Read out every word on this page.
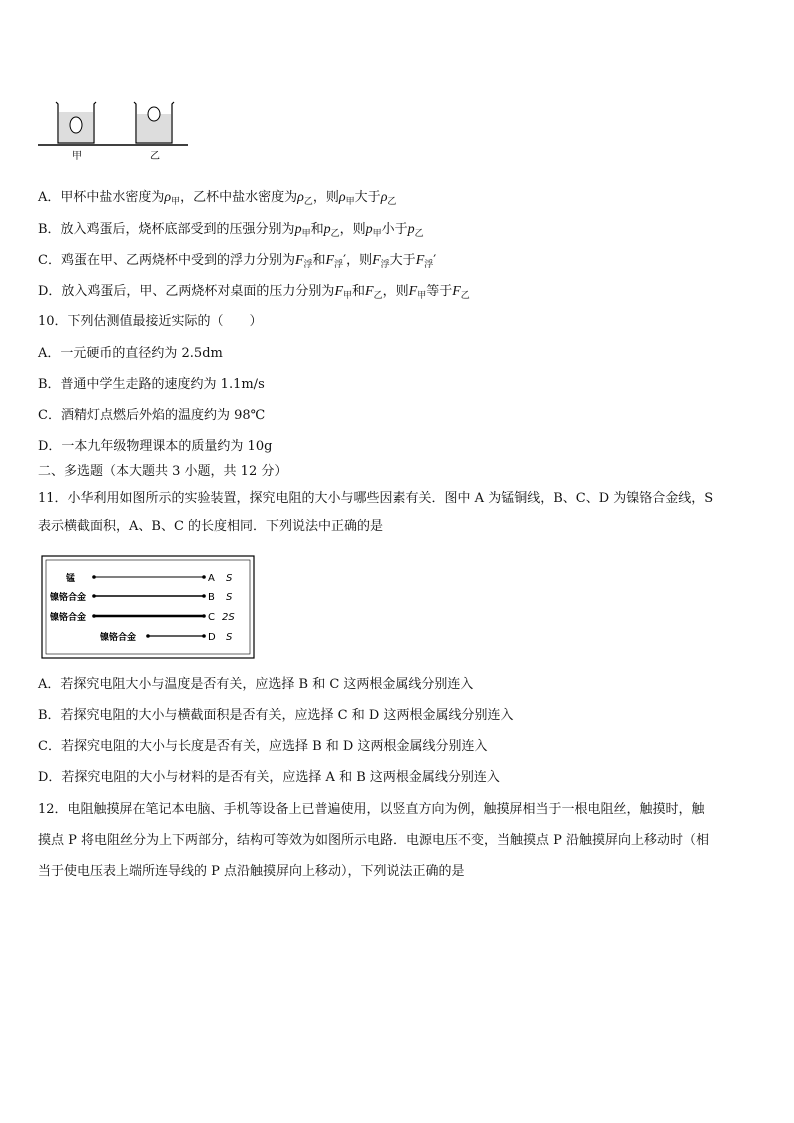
甲	乙
A．甲杯中盐水密度为$\rho_甲$，乙杯中盐水密度为$\rho_乙$，则$\rho_甲$大于$\rho_乙$
B．放入鸡蛋后，烧杯底部受到的压强分别为$p_甲$和$p_乙$，则$p_甲$小于$p_乙$
C．鸡蛋在甲、乙两烧杯中受到的浮力分别为$F_浮$和$F_浮'$，则$F_浮$大于$F_浮'$
D．放入鸡蛋后，甲、乙两烧杯对桌面的压力分别为$F_甲$和$F_乙$，则$F_甲$等于$F_乙$
10．下列估测值最接近实际的（　　）
A．一元硬币的直径约为 2.5dm
B．普通中学生走路的速度约为 1.1m/s
C．酒精灯点燃后外焰的温度约为 98℃
D．一本九年级物理课本的质量约为 10g
二、多选题（本大题共 3 小题，共 12 分）
11．小华利用如图所示的实验装置，探究电阻的大小与哪些因素有关．图中 A 为锰铜线，B、C、D 为镍铬合金线，S
表示横截面积，A、B、C 的长度相同．下列说法中正确的是
锰	A S
镍铬合金	B S
镍铬合金	C 2S
镍铬合金	D S
A．若探究电阻大小与温度是否有关，应选择 B 和 C 这两根金属线分别连入
B．若探究电阻的大小与横截面积是否有关，应选择 C 和 D 这两根金属线分别连入
C．若探究电阻的大小与长度是否有关，应选择 B 和 D 这两根金属线分别连入
D．若探究电阻的大小与材料的是否有关，应选择 A 和 B 这两根金属线分别连入
12．电阻触摸屏在笔记本电脑、手机等设备上已普遍使用，以竖直方向为例，触摸屏相当于一根电阻丝，触摸时，触
摸点 P 将电阻丝分为上下两部分，结构可等效为如图所示电路．电源电压不变，当触摸点 P 沿触摸屏向上移动时（相
当于使电压表上端所连导线的 P 点沿触摸屏向上移动），下列说法正确的是
